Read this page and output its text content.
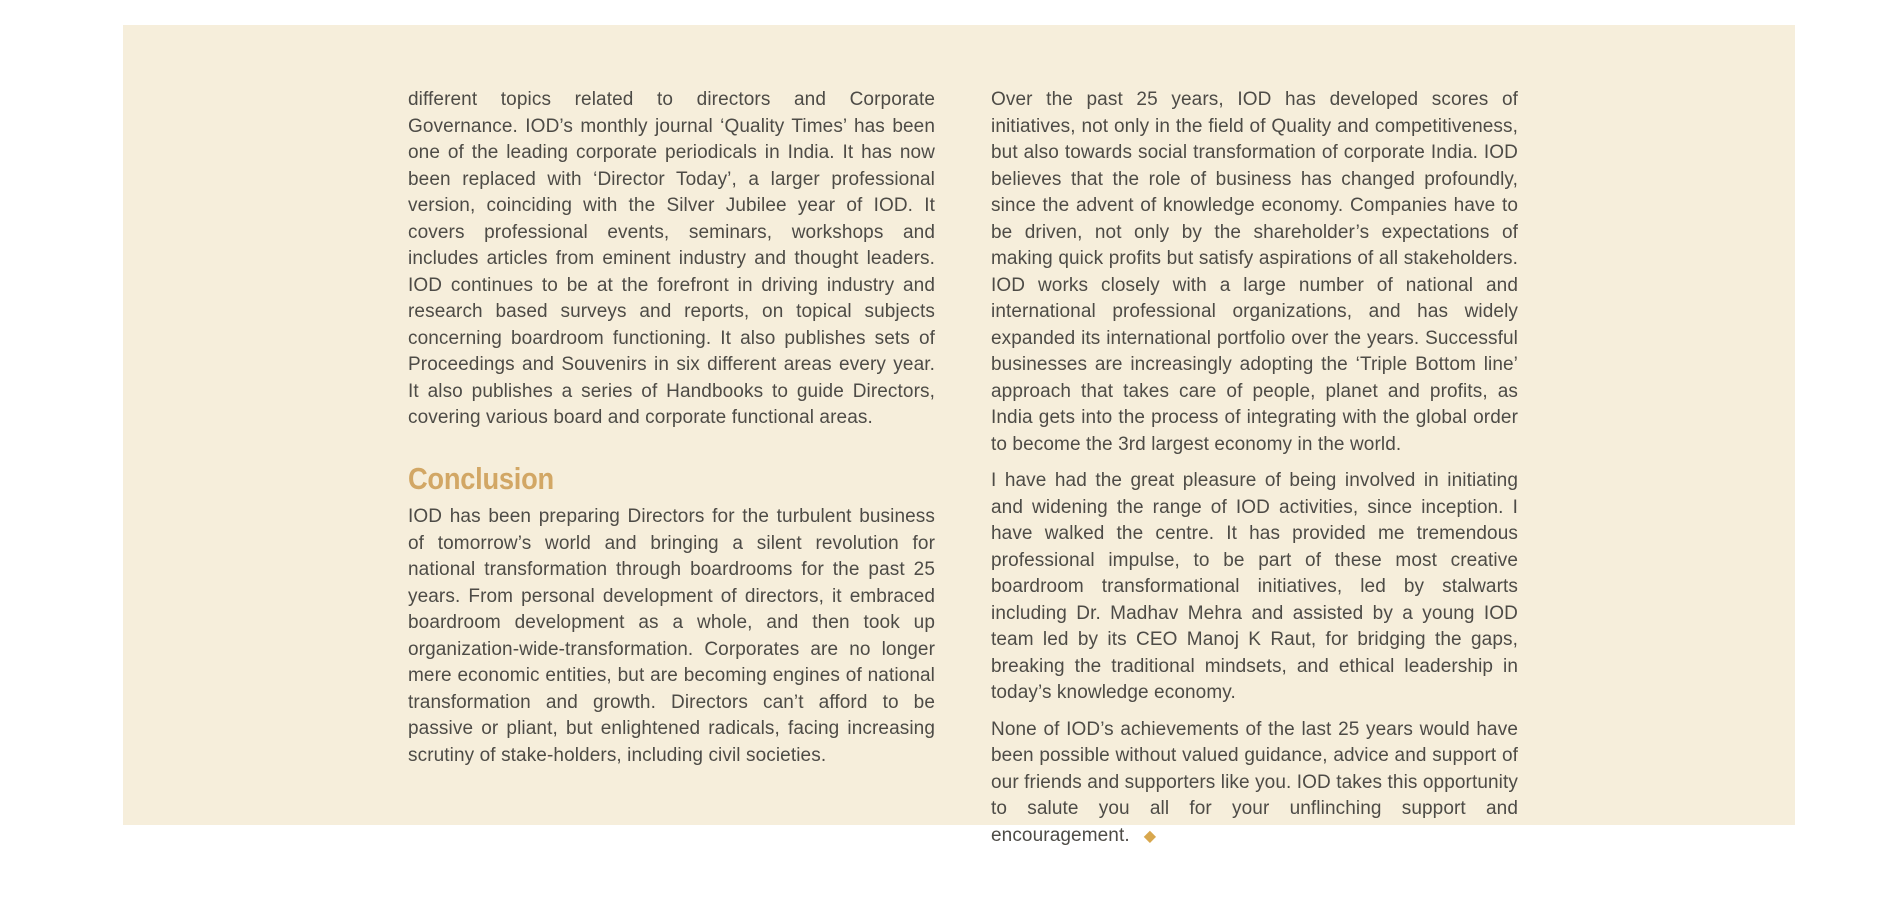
different topics related to directors and Corporate Governance. IOD’s monthly journal ‘Quality Times’ has been one of the leading corporate periodicals in India. It has now been replaced with ‘Director Today’, a larger professional version, coinciding with the Silver Jubilee year of IOD. It covers professional events, seminars, workshops and includes articles from eminent industry and thought leaders. IOD continues to be at the forefront in driving industry and research based surveys and reports, on topical subjects concerning boardroom functioning. It also publishes sets of Proceedings and Souvenirs in six different areas every year. It also publishes a series of Handbooks to guide Directors, covering various board and corporate functional areas.

Conclusion

IOD has been preparing Directors for the turbulent business of tomorrow’s world and bringing a silent revolution for national transformation through boardrooms for the past 25 years. From personal development of directors, it embraced boardroom development as a whole, and then took up organization-wide-transformation. Corporates are no longer mere economic entities, but are becoming engines of national transformation and growth. Directors can’t afford to be passive or pliant, but enlightened radicals, facing increasing scrutiny of stake-holders, including civil societies.

Over the past 25 years, IOD has developed scores of initiatives, not only in the field of Quality and competitiveness, but also towards social transformation of corporate India. IOD believes that the role of business has changed profoundly, since the advent of knowledge economy. Companies have to be driven, not only by the shareholder’s expectations of making quick profits but satisfy aspirations of all stakeholders. IOD works closely with a large number of national and international professional organizations, and has widely expanded its international portfolio over the years. Successful businesses are increasingly adopting the ‘Triple Bottom line’ approach that takes care of people, planet and profits, as India gets into the process of integrating with the global order to become the 3rd largest economy in the world.

I have had the great pleasure of being involved in initiating and widening the range of IOD activities, since inception. I have walked the centre. It has provided me tremendous professional impulse, to be part of these most creative boardroom transformational initiatives, led by stalwarts including Dr. Madhav Mehra and assisted by a young IOD team led by its CEO Manoj K Raut, for bridging the gaps, breaking the traditional mindsets, and ethical leadership in today’s knowledge economy.

None of IOD’s achievements of the last 25 years would have been possible without valued guidance, advice and support of our friends and supporters like you. IOD takes this opportunity to salute you all for your unflinching support and encouragement. ◆
